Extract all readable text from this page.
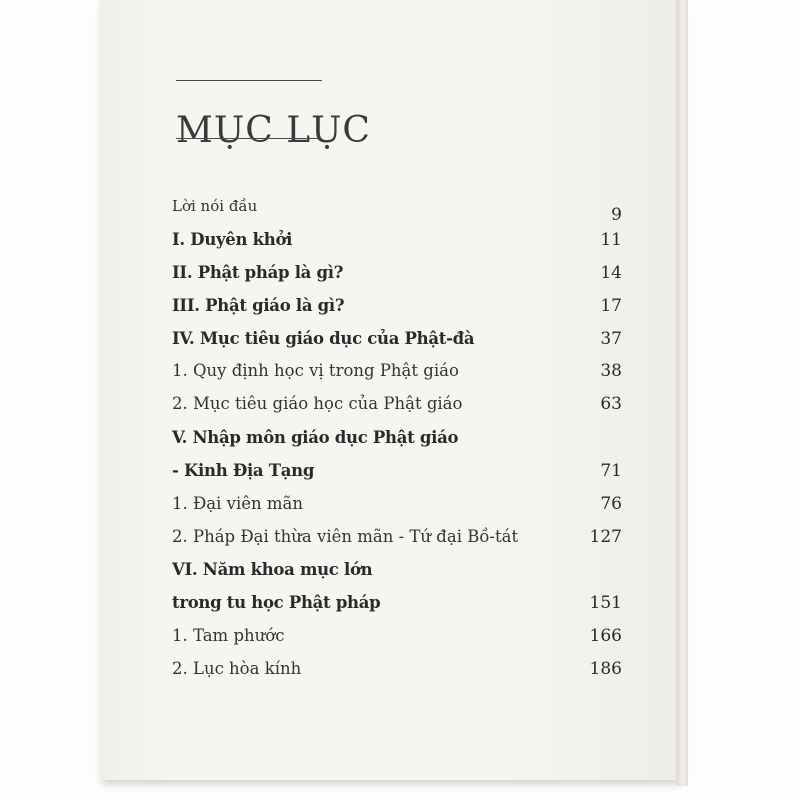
MỤC LỤC
Lời nói đầu	9
I. Duyên khởi	11
II. Phật pháp là gì?	14
III. Phật giáo là gì?	17
IV. Mục tiêu giáo dục của Phật-đà	37
1. Quy định học vị trong Phật giáo	38
2. Mục tiêu giáo học của Phật giáo	63
V. Nhập môn giáo dục Phật giáo
- Kinh Địa Tạng	71
1. Đại viên mãn	76
2. Pháp Đại thừa viên mãn - Tứ đại Bồ-tát	127
VI. Năm khoa mục lớn
trong tu học Phật pháp	151
1. Tam phước	166
2. Lục hòa kính	186
